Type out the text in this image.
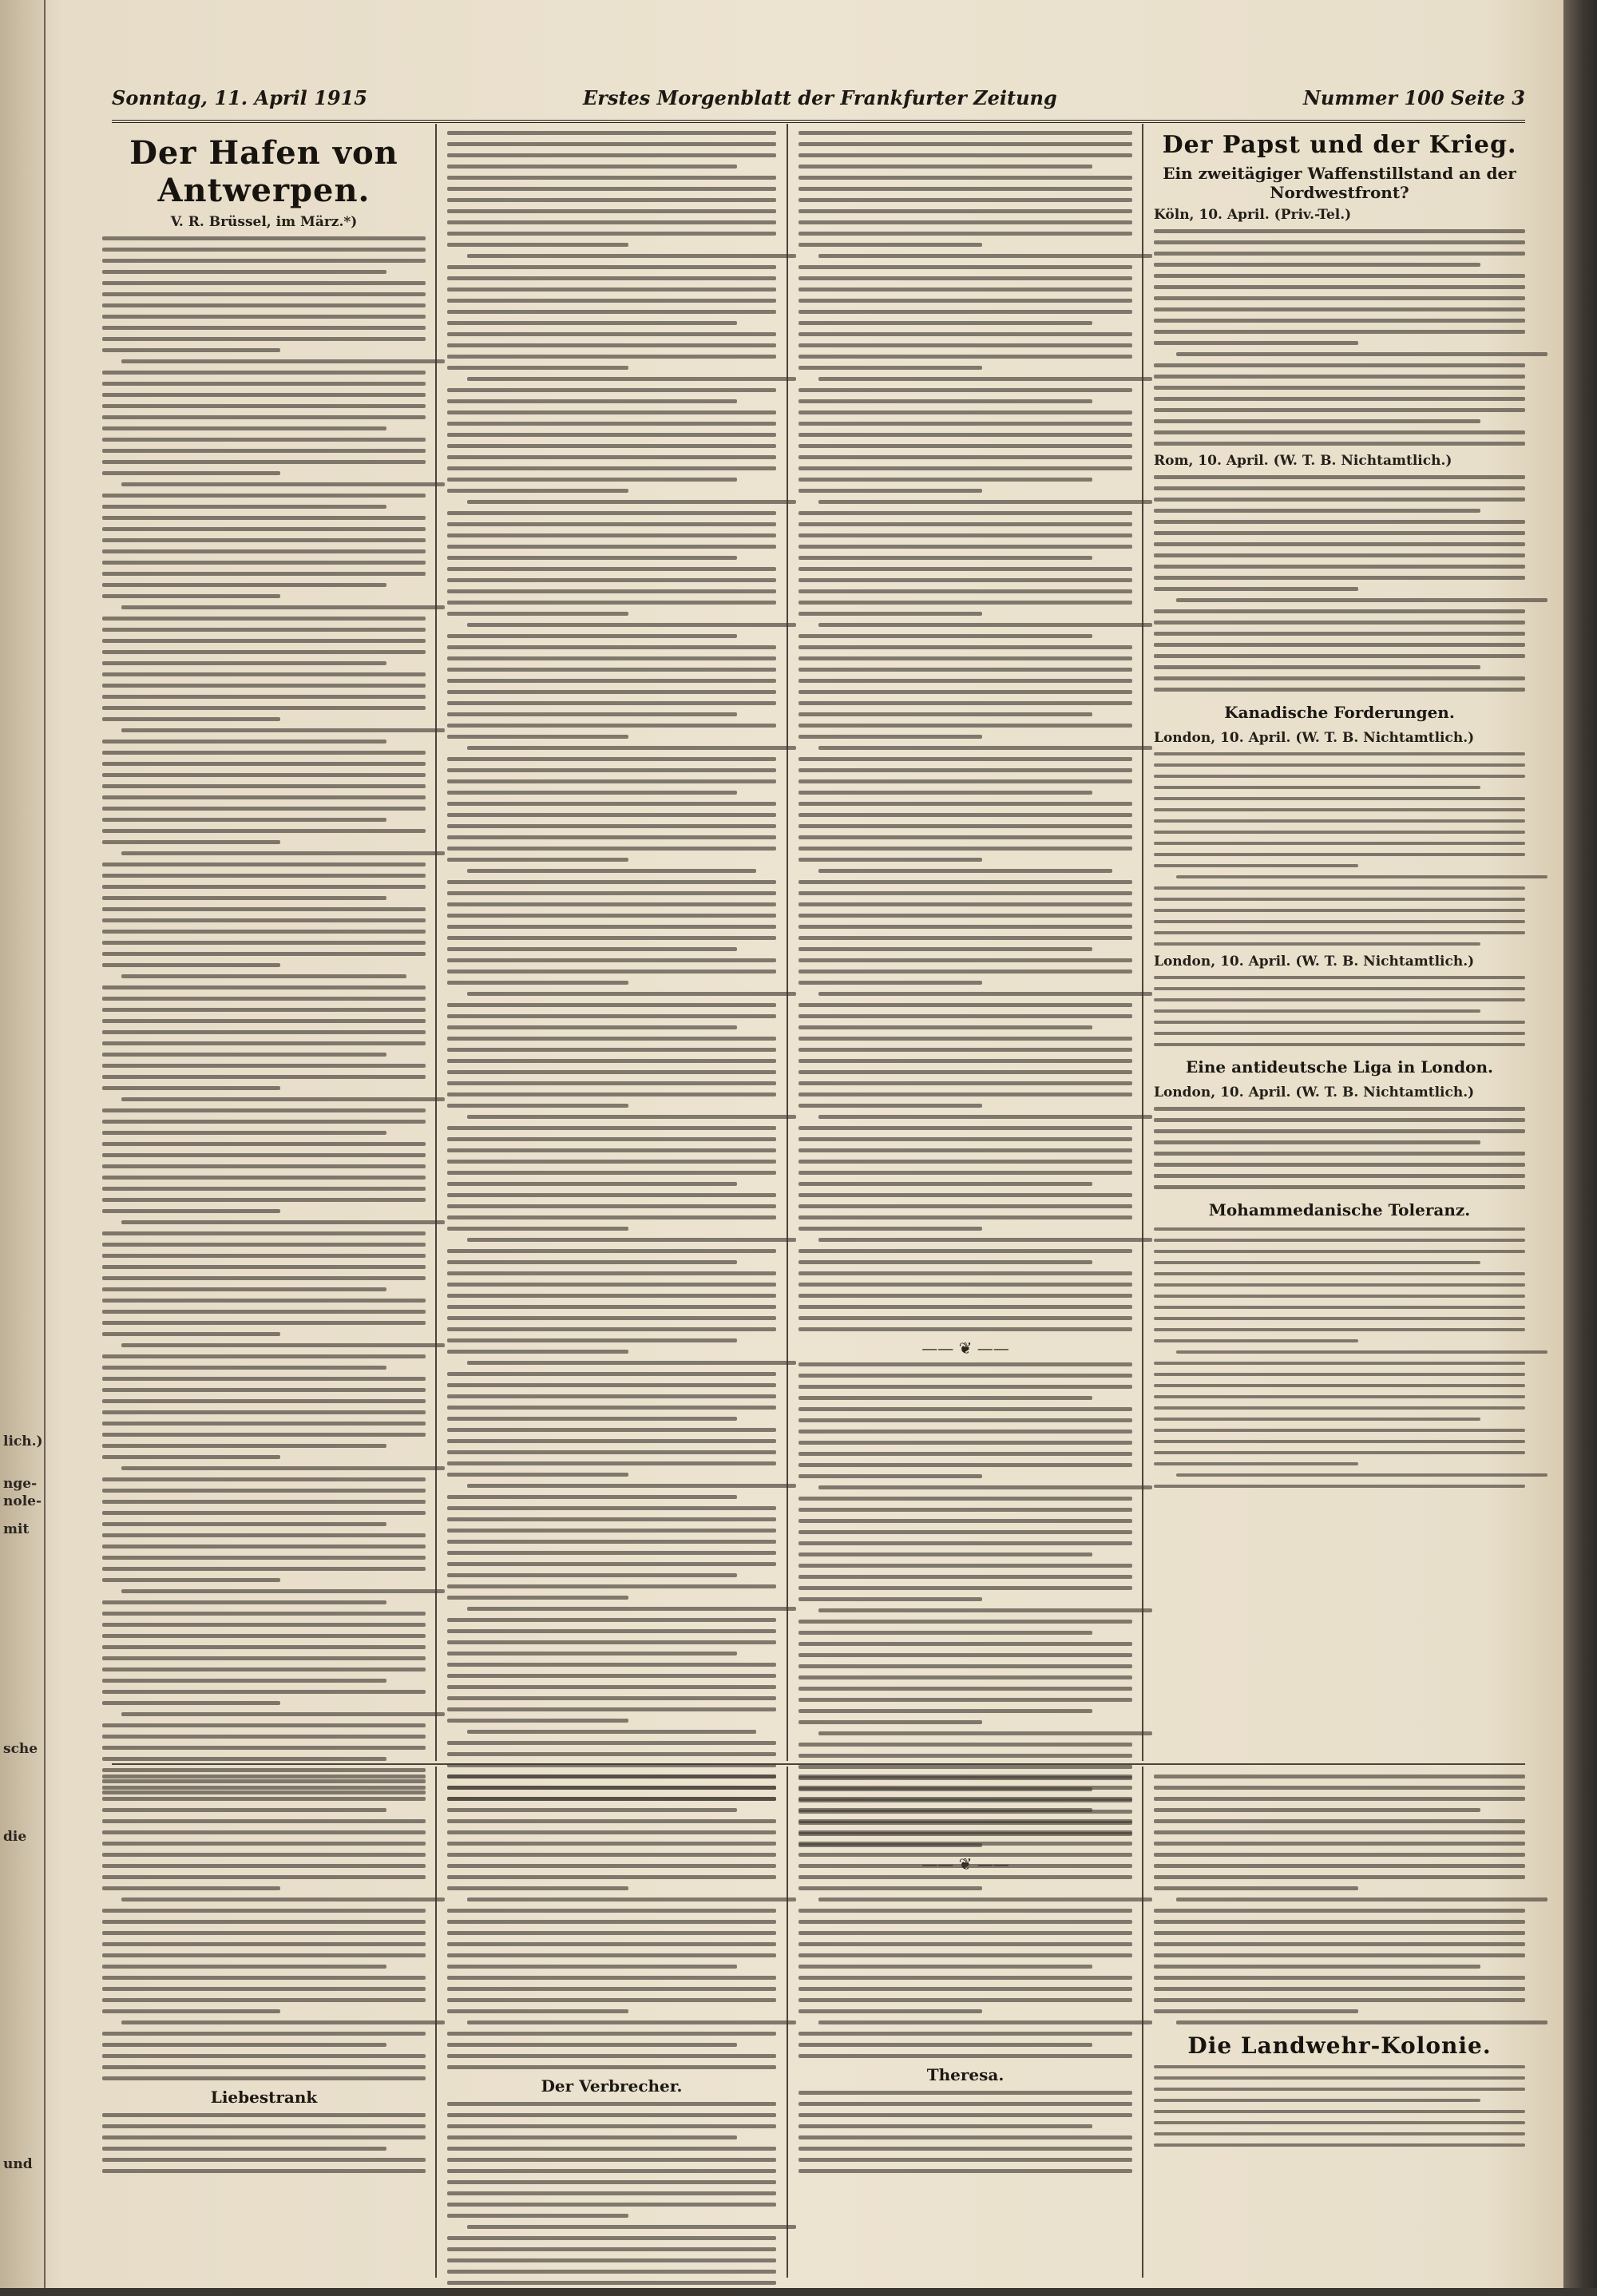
lich.)
nge-
nole-
mit
sche
die
und
Sonntag, 11. April 1915	Erstes Morgenblatt der Frankfurter Zeitung	Nummer 100 Seite 3
Der Hafen von Antwerpen.
V. R. Brüssel, im März.*)
—— ❦ ——
Der Papst und der Krieg.
Ein zweitägiger Waffenstillstand an der Nordwestfront?
Köln, 10. April. (Priv.-Tel.)
Rom, 10. April. (W. T. B. Nichtamtlich.)
Kanadische Forderungen.
London, 10. April. (W. T. B. Nichtamtlich.)
London, 10. April. (W. T. B. Nichtamtlich.)
Eine antideutsche Liga in London.
London, 10. April. (W. T. B. Nichtamtlich.)
Mohammedanische Toleranz.
Liebestrank
Der Verbrecher.
Theresa.
Die Landwehr-Kolonie.
